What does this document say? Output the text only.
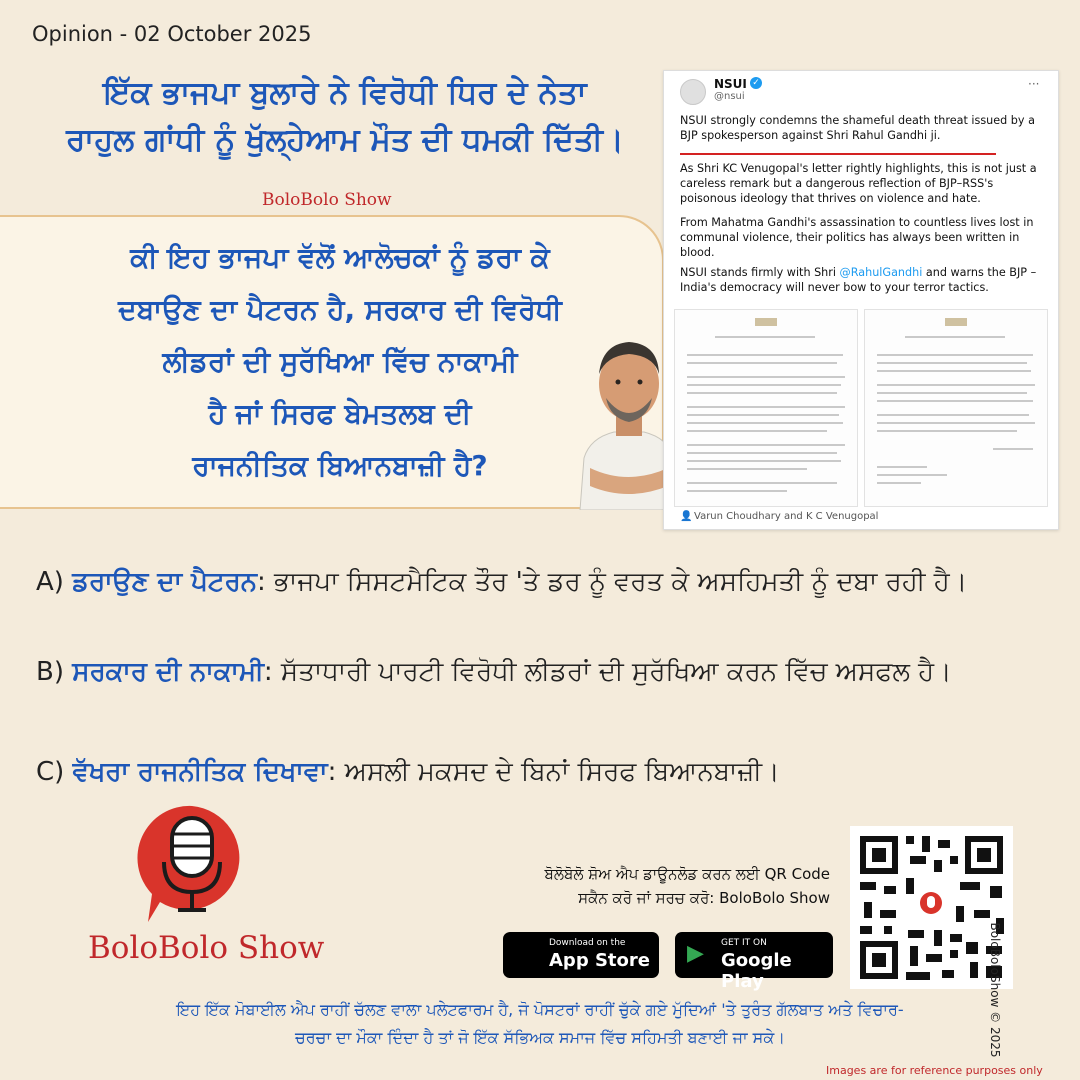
Opinion - 02 October 2025
ਇੱਕ ਭਾਜਪਾ ਬੁਲਾਰੇ ਨੇ ਵਿਰੋਧੀ ਧਿਰ ਦੇ ਨੇਤਾ
ਰਾਹੁਲ ਗਾਂਧੀ ਨੂੰ ਖੁੱਲ੍ਹੇਆਮ ਮੌਤ ਦੀ ਧਮਕੀ ਦਿੱਤੀ।
BoloBolo Show
ਕੀ ਇਹ ਭਾਜਪਾ ਵੱਲੋਂ ਆਲੋਚਕਾਂ ਨੂੰ ਡਰਾ ਕੇ
ਦਬਾਉਣ ਦਾ ਪੈਟਰਨ ਹੈ, ਸਰਕਾਰ ਦੀ ਵਿਰੋਧੀ
ਲੀਡਰਾਂ ਦੀ ਸੁਰੱਖਿਆ ਵਿੱਚ ਨਾਕਾਮੀ
ਹੈ ਜਾਂ ਸਿਰਫ ਬੇਮਤਲਬ ਦੀ
ਰਾਜਨੀਤਿਕ ਬਿਆਨਬਾਜ਼ੀ ਹੈ?
NSUI ✓
@nsui
···
NSUI strongly condemns the shameful death threat issued by a BJP spokesperson against Shri Rahul Gandhi ji.
As Shri KC Venugopal's letter rightly highlights, this is not just a careless remark but a dangerous reflection of BJP–RSS's poisonous ideology that thrives on violence and hate.
From Mahatma Gandhi's assassination to countless lives lost in communal violence, their politics has always been written in blood.
NSUI stands firmly with Shri @RahulGandhi and warns the BJP – India's democracy will never bow to your terror tactics.
👤 Varun Choudhary and K C Venugopal
A) ਡਰਾਉਣ ਦਾ ਪੈਟਰਨ: ਭਾਜਪਾ ਸਿਸਟਮੈਟਿਕ ਤੌਰ 'ਤੇ ਡਰ ਨੂੰ ਵਰਤ ਕੇ ਅਸਹਿਮਤੀ ਨੂੰ ਦਬਾ ਰਹੀ ਹੈ।
B) ਸਰਕਾਰ ਦੀ ਨਾਕਾਮੀ: ਸੱਤਾਧਾਰੀ ਪਾਰਟੀ ਵਿਰੋਧੀ ਲੀਡਰਾਂ ਦੀ ਸੁਰੱਖਿਆ ਕਰਨ ਵਿੱਚ ਅਸਫਲ ਹੈ।
C) ਵੱਖਰਾ ਰਾਜਨੀਤਿਕ ਦਿਖਾਵਾ: ਅਸਲੀ ਮਕਸਦ ਦੇ ਬਿਨਾਂ ਸਿਰਫ ਬਿਆਨਬਾਜ਼ੀ।
BoloBolo Show
ਬੋਲੋਬੋਲੋ ਸ਼ੋਅ ਐਪ ਡਾਊਨਲੋਡ ਕਰਨ ਲਈ QR Code
ਸਕੈਨ ਕਰੋ ਜਾਂ ਸਰਚ ਕਰੋ: BoloBolo Show
Download on the
App Store ▶ GET IT ON
Google Play	BoloBoloShow © 2025
ਇਹ ਇੱਕ ਮੋਬਾਈਲ ਐਪ ਰਾਹੀਂ ਚੱਲਣ ਵਾਲਾ ਪਲੇਟਫਾਰਮ ਹੈ, ਜੋ ਪੋਸਟਰਾਂ ਰਾਹੀਂ ਚੁੱਕੇ ਗਏ ਮੁੱਦਿਆਂ 'ਤੇ ਤੁਰੰਤ ਗੱਲਬਾਤ ਅਤੇ ਵਿਚਾਰ-
ਚਰਚਾ ਦਾ ਮੌਕਾ ਦਿੰਦਾ ਹੈ ਤਾਂ ਜੋ ਇੱਕ ਸੱਭਿਅਕ ਸਮਾਜ ਵਿੱਚ ਸਹਿਮਤੀ ਬਣਾਈ ਜਾ ਸਕੇ।
Images are for reference purposes only
